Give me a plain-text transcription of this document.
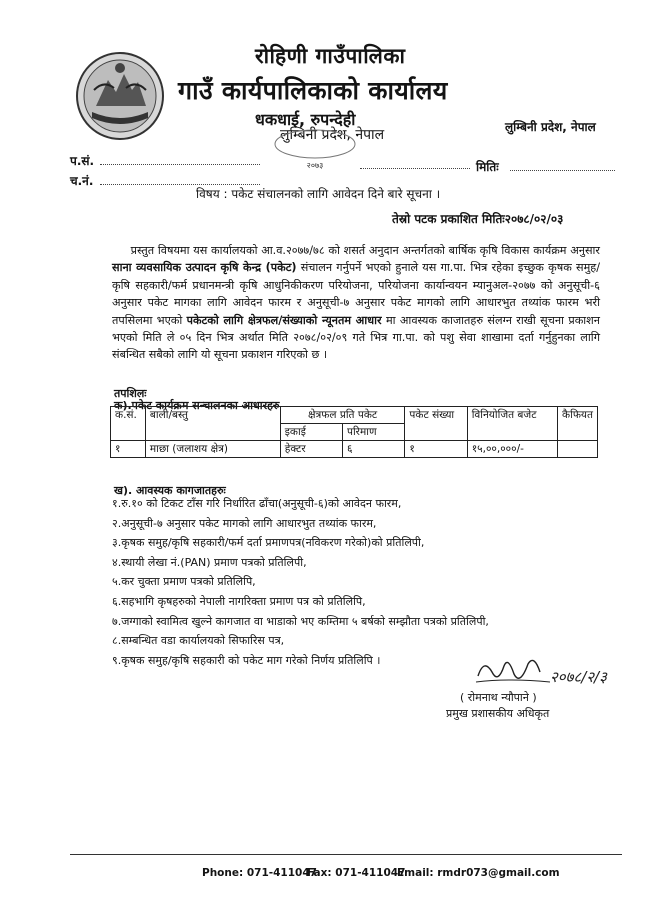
रोहिणी गाउँपालिका
गाउँ कार्यपालिकाको कार्यालय
धकधाई, रुपन्देही
लुम्बिनी प्रदेश, नेपाल	लुम्बिनी प्रदेश, नेपाल
२०७३
प.सं.
च.नं.
मितिः
विषय : पकेट संचालनको लागि आवेदन दिने बारे सूचना ।
तेस्रो पटक प्रकाशित मितिः२०७८/०२/०३
प्रस्तुत विषयमा यस कार्यालयको आ.व.२०७७/७८ को शसर्त अनुदान अन्तर्गतको बार्षिक कृषि विकास कार्यक्रम अनुसार साना व्यवसायिक उत्पादन कृषि केन्द्र (पकेट) संचालन गर्नुपर्ने भएको हुनाले यस गा.पा. भित्र रहेका इच्छुक कृषक समुह/कृषि सहकारी/फर्म प्रधानमन्त्री कृषि आधुनिकीकरण परियोजना, परियोजना कार्यान्वयन म्यानुअल-२०७७ को अनुसूची-६ अनुसार पकेट मागका लागि आवेदन फारम र अनुसूची-७ अनुसार पकेट मागको लागि आधारभुत तथ्यांक फारम भरी तपसिलमा भएको पकेटको लागि क्षेत्रफल/संख्याको न्यूनतम आधार मा आवस्यक काजातहरु संलग्न राखी सूचना प्रकाशन भएको मिति ले ०५ दिन भित्र अर्थात मिति २०७८/०२/०९ गते भित्र गा.पा. को पशु सेवा शाखामा दर्ता गर्नुहुनका लागि संबन्धित सबैको लागि यो सूचना प्रकाशन गरिएको छ ।
तपशिलः
क).पकेट कार्यक्रम सन्चालनका आधारहरु
क.सं.	बाली/बस्तु	क्षेत्रफल प्रति पकेट		पकेट संख्या	विनियोजित बजेट	कैफियत
		इकाई	परिमाण			
१	माछा (जलाशय क्षेत्र)	हेक्टर	६	१	१५,००,०००/-	
ख). आवस्यक कागजातहरुः
१.रु.१० को टिकट टाँस गरि निर्धारित ढाँचा(अनुसूची-६)को आवेदन फारम,
२.अनुसूची-७ अनुसार पकेट मागको लागि आधारभुत तथ्यांक फारम,
३.कृषक समुह/कृषि सहकारी/फर्म दर्ता प्रमाणपत्र(नविकरण गरेको)को प्रतिलिपी,
४.स्थायी लेखा नं.(PAN) प्रमाण पत्रको प्रतिलिपी,
५.कर चुक्ता प्रमाण पत्रको प्रतिलिपि,
६.सहभागि कृषहरुको नेपाली नागरिक्ता प्रमाण पत्र को प्रतिलिपि,
७.जग्गाको स्वामित्व खुल्ने कागजात वा भाडाको भए कम्तिमा ५ बर्षको सम्झौता पत्रको प्रतिलिपी,
८.सम्बन्धित वडा कार्यालयको सिफारिस पत्र,
९.कृषक समुह/कृषि सहकारी को पकेट माग गरेको निर्णय प्रतिलिपि ।
२०७८/२/३
( रोमनाथ न्यौपाने )
प्रमुख प्रशासकीय अधिकृत
Phone: 071-411047
Fax: 071-411047
Email: rmdr073@gmail.com
